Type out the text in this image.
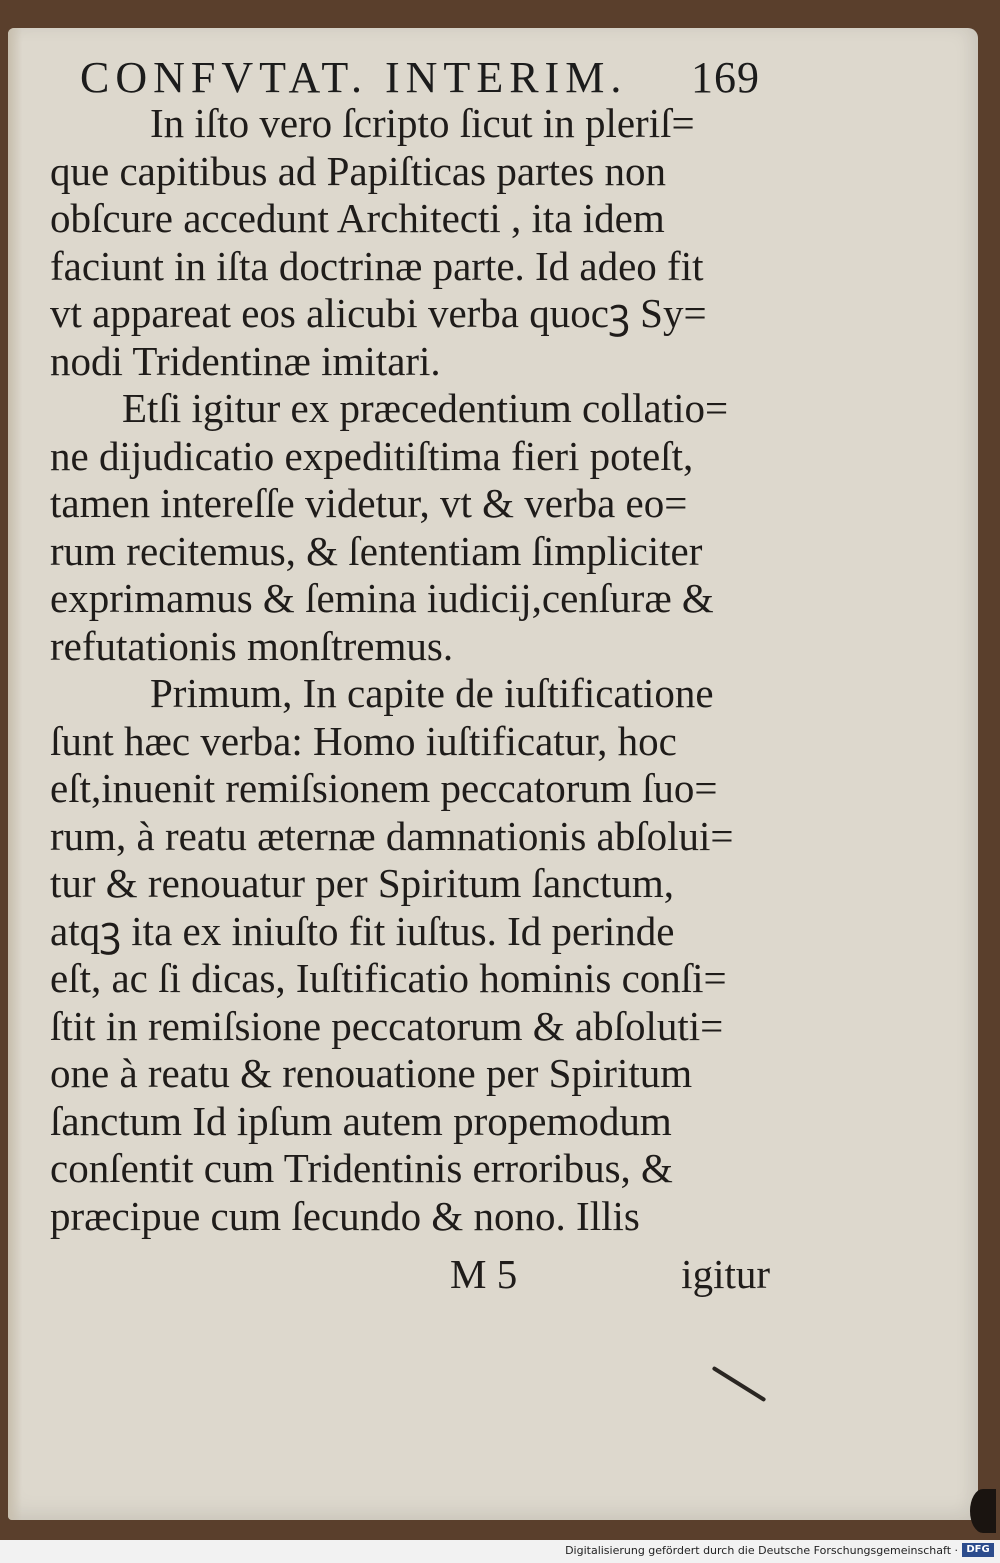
CONFVTAT. INTERIM. 169
In iſto vero ſcripto ſicut in pleriſ=
que capitibus ad Papiſticas partes non
obſcure accedunt Architecti , ita idem
faciunt in iſta doctrinæ parte. Id adeo fit
vt appareat eos alicubi verba quocꝫ Sy=
nodi Tridentinæ imitari.
Etſi igitur ex præcedentium collatio=
ne dijudicatio expeditiſtima fieri poteſt,
tamen intereſſe videtur, vt & verba eo=
rum recitemus, & ſententiam ſimpliciter
exprimamus & ſemina iudicij,cenſuræ &
refutationis monſtremus.
Primum, In capite de iuſtificatione
ſunt hæc verba: Homo iuſtificatur, hoc
eſt,inuenit remiſsionem peccatorum ſuo=
rum, à reatu æternæ damnationis abſolui=
tur & renouatur per Spiritum ſanctum,
atqꝫ ita ex iniuſto fit iuſtus. Id perinde
eſt, ac ſi dicas, Iuſtificatio hominis conſi=
ſtit in remiſsione peccatorum & abſoluti=
one à reatu & renouatione per Spiritum
ſanctum Id ipſum autem propemodum
conſentit cum Tridentinis erroribus, &
præcipue cum ſecundo & nono. Illis
M 5	igitur
Digitalisierung gefördert durch die Deutsche Forschungsgemeinschaft · DFG
